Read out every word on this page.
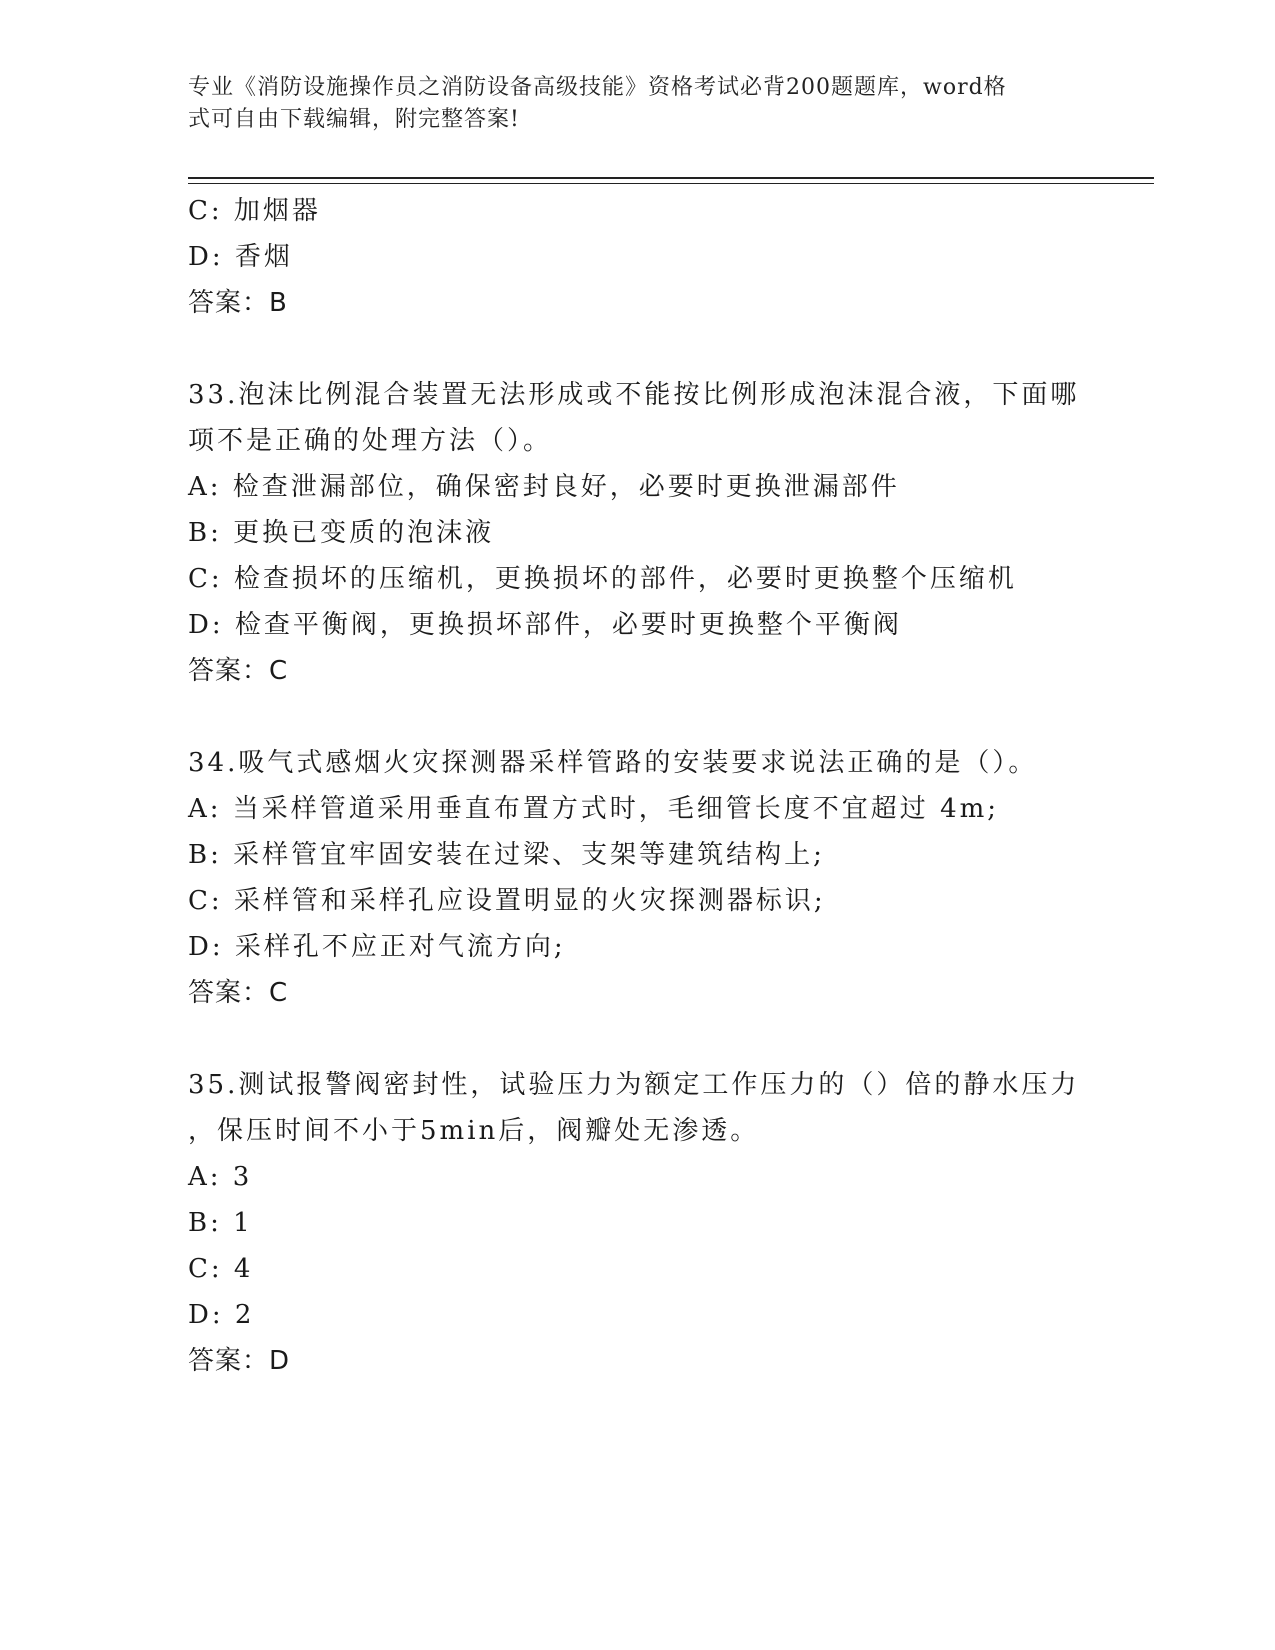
专业《消防设施操作员之消防设备高级技能》资格考试必背200题题库，word格
式可自由下载编辑，附完整答案!

C: 加烟器

D: 香烟

答案：B

33.泡沫比例混合装置无法形成或不能按比例形成泡沫混合液，下面哪

项不是正确的处理方法（）。

A: 检查泄漏部位，确保密封良好，必要时更换泄漏部件

B: 更换已变质的泡沫液

C: 检查损坏的压缩机，更换损坏的部件，必要时更换整个压缩机

D: 检查平衡阀，更换损坏部件，必要时更换整个平衡阀

答案：C

34.吸气式感烟火灾探测器采样管路的安装要求说法正确的是（）。

A: 当采样管道采用垂直布置方式时，毛细管长度不宜超过 4m;

B: 采样管宜牢固安装在过梁、支架等建筑结构上;

C: 采样管和采样孔应设置明显的火灾探测器标识;

D: 采样孔不应正对气流方向;

答案：C

35.测试报警阀密封性，试验压力为额定工作压力的（）倍的静水压力

，保压时间不小于5min后，阀瓣处无渗透。

A: 3

B: 1

C: 4

D: 2

答案：D
